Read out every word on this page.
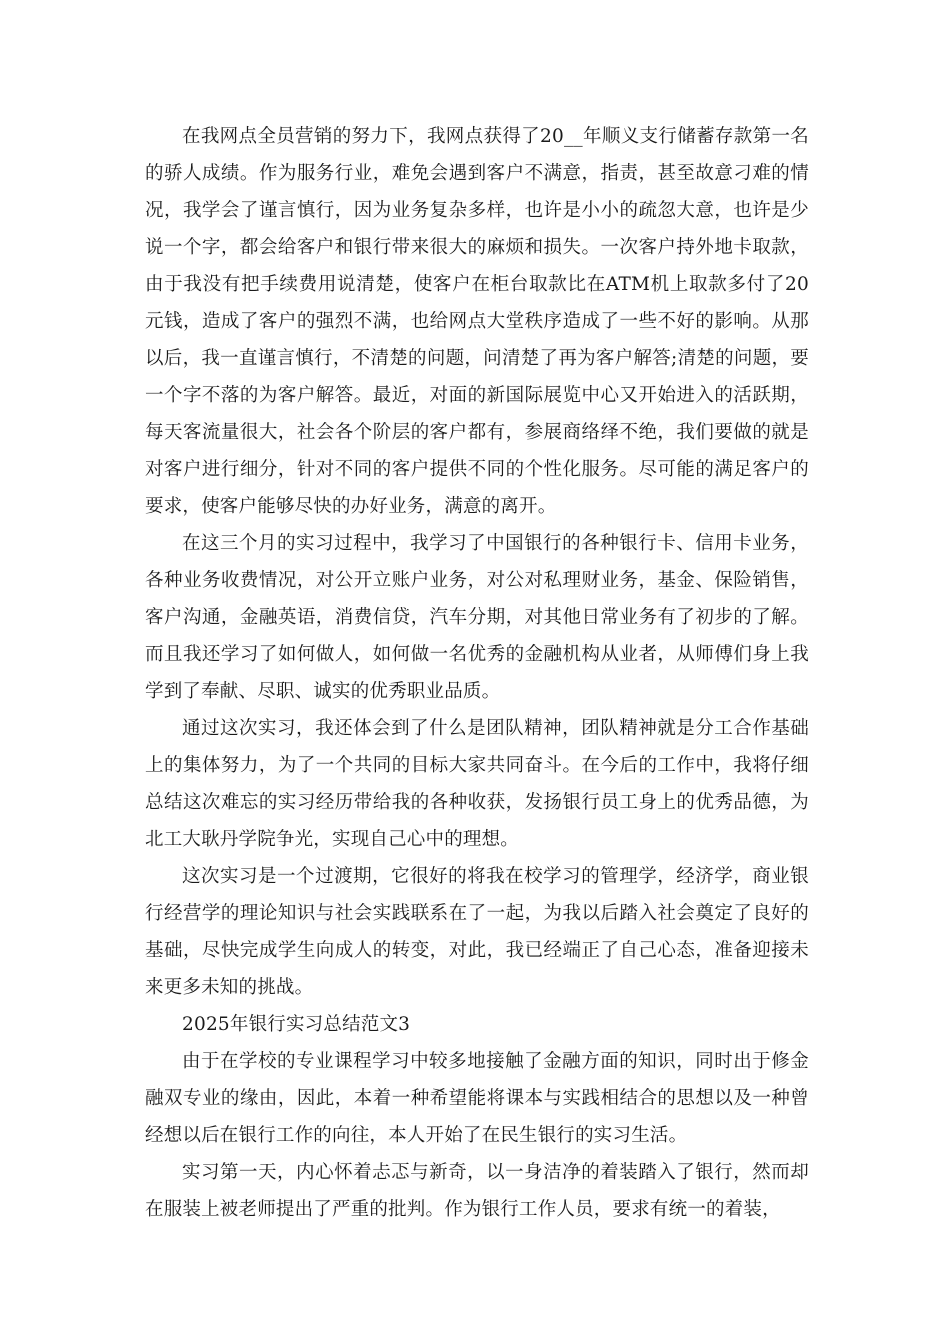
在我网点全员营销的努力下，我网点获得了20__年顺义支行储蓄存款第一名的骄人成绩。作为服务行业，难免会遇到客户不满意，指责，甚至故意刁难的情况，我学会了谨言慎行，因为业务复杂多样，也许是小小的疏忽大意，也许是少说一个字，都会给客户和银行带来很大的麻烦和损失。一次客户持外地卡取款，由于我没有把手续费用说清楚，使客户在柜台取款比在ATM机上取款多付了20元钱，造成了客户的强烈不满，也给网点大堂秩序造成了一些不好的影响。从那以后，我一直谨言慎行，不清楚的问题，问清楚了再为客户解答;清楚的问题，要一个字不落的为客户解答。最近，对面的新国际展览中心又开始进入的活跃期，每天客流量很大，社会各个阶层的客户都有，参展商络绎不绝，我们要做的就是对客户进行细分，针对不同的客户提供不同的个性化服务。尽可能的满足客户的要求，使客户能够尽快的办好业务，满意的离开。

在这三个月的实习过程中，我学习了中国银行的各种银行卡、信用卡业务，各种业务收费情况，对公开立账户业务，对公对私理财业务，基金、保险销售，客户沟通，金融英语，消费信贷，汽车分期，对其他日常业务有了初步的了解。而且我还学习了如何做人，如何做一名优秀的金融机构从业者，从师傅们身上我学到了奉献、尽职、诚实的优秀职业品质。

通过这次实习，我还体会到了什么是团队精神，团队精神就是分工合作基础上的集体努力，为了一个共同的目标大家共同奋斗。在今后的工作中，我将仔细总结这次难忘的实习经历带给我的各种收获，发扬银行员工身上的优秀品德，为北工大耿丹学院争光，实现自己心中的理想。

这次实习是一个过渡期，它很好的将我在校学习的管理学，经济学，商业银行经营学的理论知识与社会实践联系在了一起，为我以后踏入社会奠定了良好的基础，尽快完成学生向成人的转变，对此，我已经端正了自己心态，准备迎接未来更多未知的挑战。

2025年银行实习总结范文3

由于在学校的专业课程学习中较多地接触了金融方面的知识，同时出于修金融双专业的缘由，因此，本着一种希望能将课本与实践相结合的思想以及一种曾经想以后在银行工作的向往，本人开始了在民生银行的实习生活。

实习第一天，内心怀着忐忑与新奇，以一身洁净的着装踏入了银行，然而却在服装上被老师提出了严重的批判。作为银行工作人员，要求有统一的着装，
